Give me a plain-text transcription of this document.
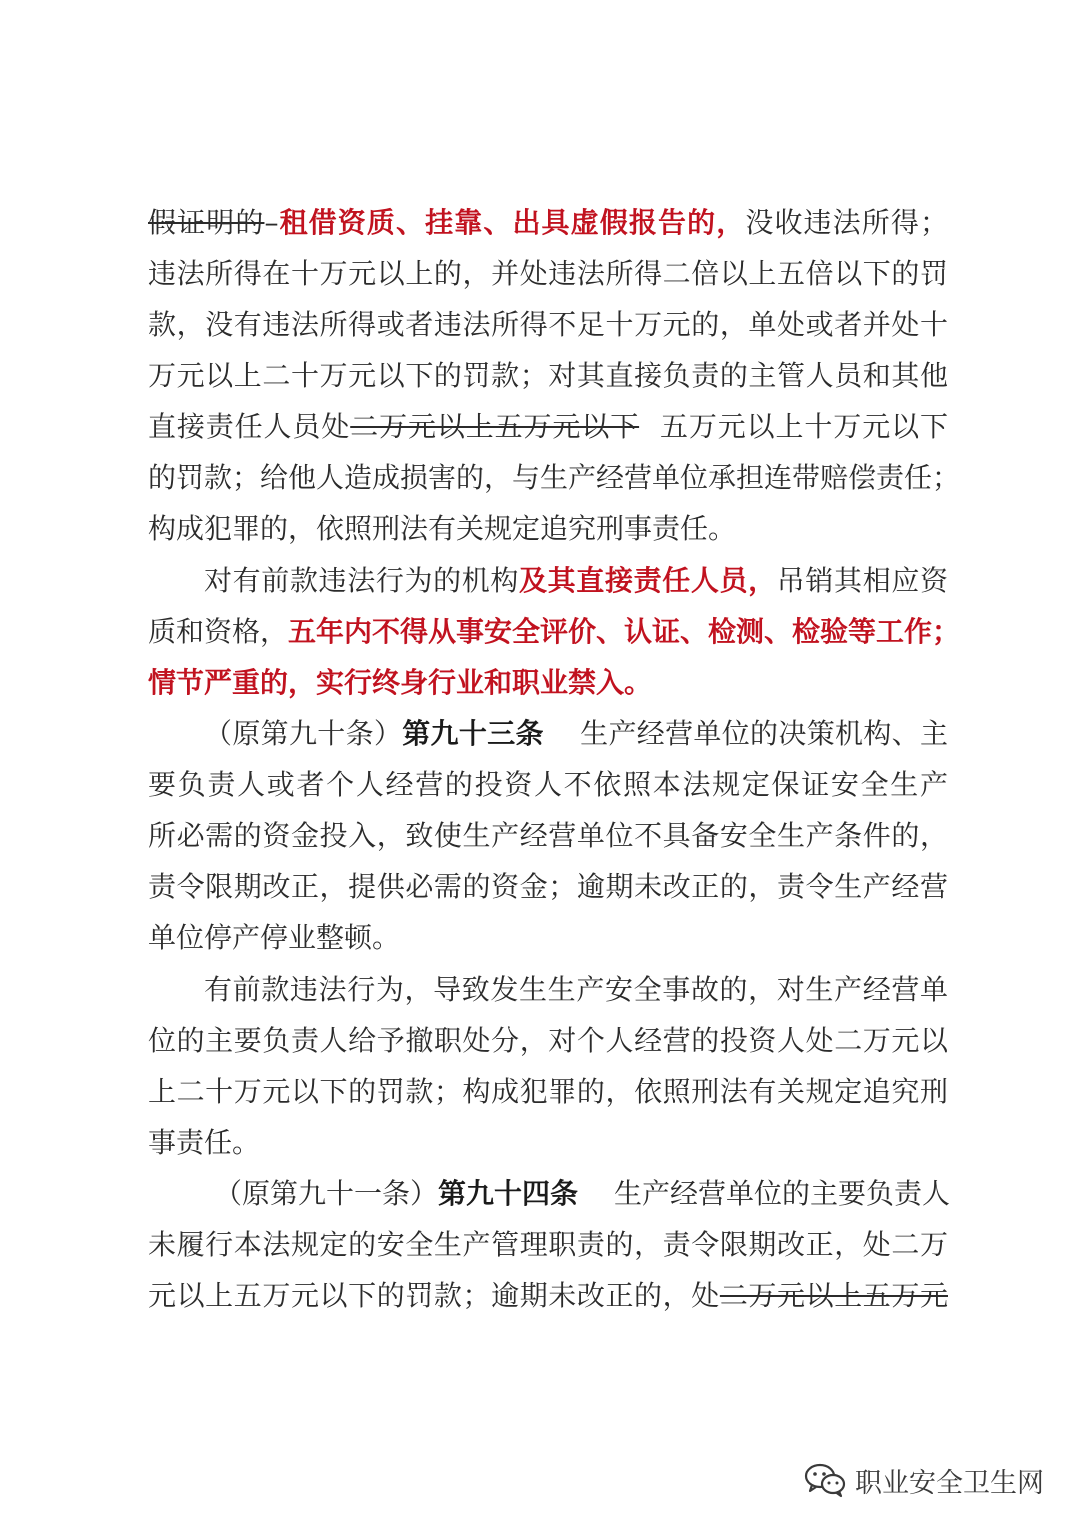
假证明的–租借资质、挂靠、出具虚假报告的，没收违法所得；
违法所得在十万元以上的，并处违法所得二倍以上五倍以下的罚
款，没有违法所得或者违法所得不足十万元的，单处或者并处十
万元以上二十万元以下的罚款；对其直接负责的主管人员和其他
直接责任人员处二万元以上五万元以下 五万元以上十万元以下
的罚款；给他人造成损害的，与生产经营单位承担连带赔偿责任；
构成犯罪的，依照刑法有关规定追究刑事责任。
对有前款违法行为的机构及其直接责任人员，吊销其相应资
质和资格，五年内不得从事安全评价、认证、检测、检验等工作；
情节严重的，实行终身行业和职业禁入。
（原第九十条）第九十三条 生产经营单位的决策机构、主
要负责人或者个人经营的投资人不依照本法规定保证安全生产
所必需的资金投入，致使生产经营单位不具备安全生产条件的，
责令限期改正，提供必需的资金；逾期未改正的，责令生产经营
单位停产停业整顿。
有前款违法行为，导致发生生产安全事故的，对生产经营单
位的主要负责人给予撤职处分，对个人经营的投资人处二万元以
上二十万元以下的罚款；构成犯罪的，依照刑法有关规定追究刑
事责任。
（原第九十一条）第九十四条 生产经营单位的主要负责人
未履行本法规定的安全生产管理职责的，责令限期改正，处二万
元以上五万元以下的罚款；逾期未改正的，处二万元以上五万元
职业安全卫生网
